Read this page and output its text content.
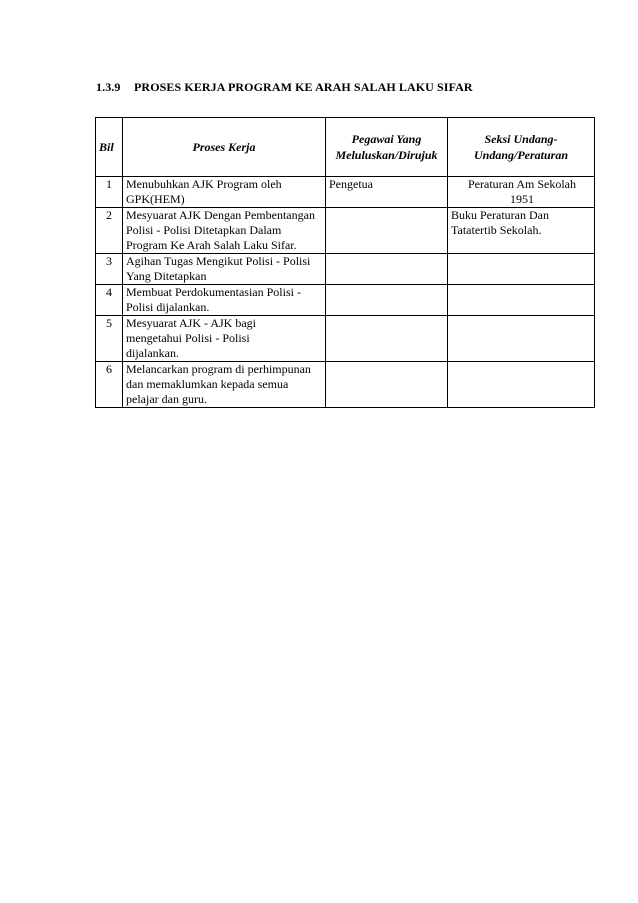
1.3.9 PROSES KERJA PROGRAM KE ARAH SALAH LAKU SIFAR
Bil	Proses Kerja	Pegawai Yang Meluluskan/Dirujuk	Seksi Undang-Undang/Peraturan
1	Menubuhkan AJK Program oleh GPK(HEM)	Pengetua	Peraturan Am Sekolah 1951
2	Mesyuarat AJK Dengan Pembentangan Polisi - Polisi Ditetapkan Dalam Program Ke Arah Salah Laku Sifar.		Buku Peraturan Dan Tatatertib Sekolah.
3	Agihan Tugas Mengikut Polisi - Polisi Yang Ditetapkan		
4	Membuat Perdokumentasian Polisi - Polisi dijalankan.		
5	Mesyuarat AJK - AJK bagi mengetahui Polisi - Polisi dijalankan.		
6	Melancarkan program di perhimpunan dan memaklumkan kepada semua pelajar dan guru.		
